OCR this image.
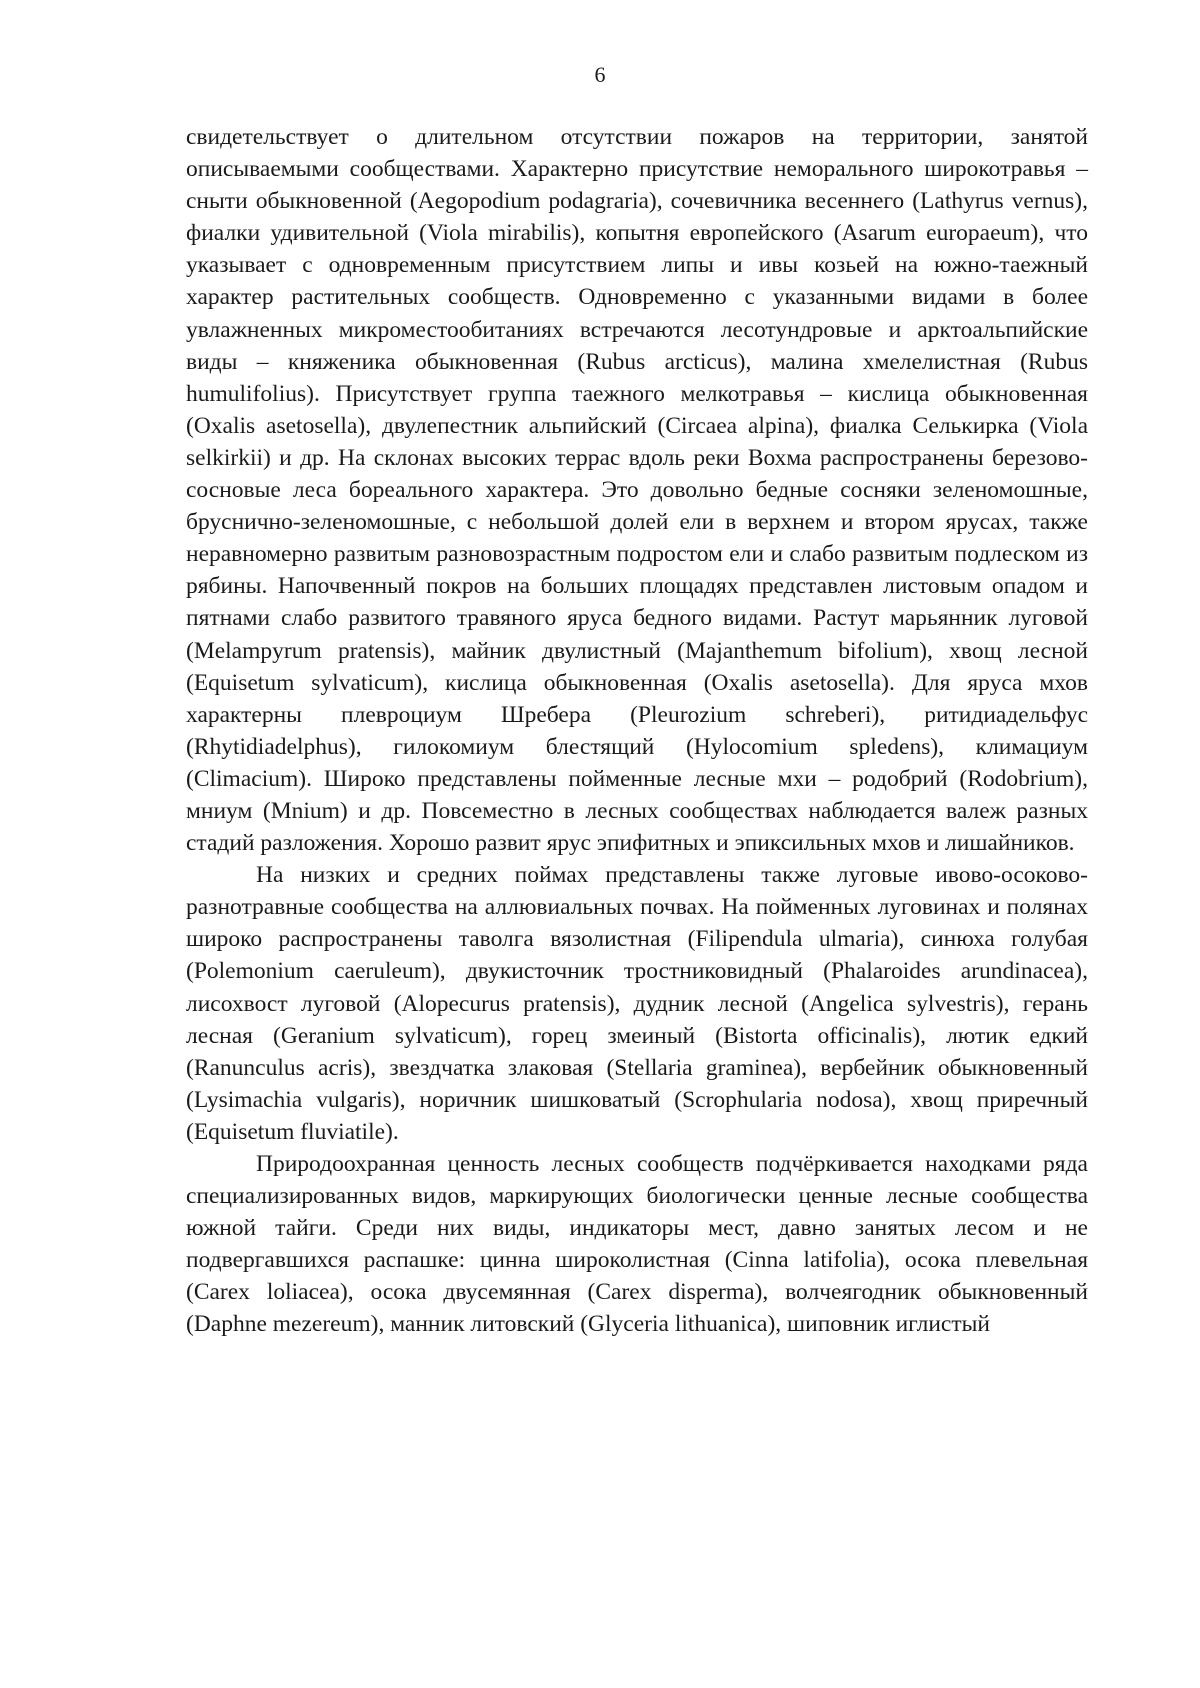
6

свидетельствует о длительном отсутствии пожаров на территории, занятой описываемыми сообществами. Характерно присутствие неморального широкотравья – сныти обыкновенной (Aegopodium podagraria), сочевичника весеннего (Lathyrus vernus), фиалки удивительной (Viola mirabilis), копытня европейского (Asarum europaeum), что указывает с одновременным присутствием липы и ивы козьей на южно-таежный характер растительных сообществ. Одновременно с указанными видами в более увлажненных микроместообитаниях встречаются лесотундровые и арктоальпийские виды – княженика обыкновенная (Rubus arcticus), малина хмелелистная (Rubus humulifolius). Присутствует группа таежного мелкотравья – кислица обыкновенная (Oxalis asetosella), двулепестник альпийский (Circaea alpina), фиалка Селькирка (Viola selkirkii) и др. На склонах высоких террас вдоль реки Вохма распространены березово-сосновые леса бореального характера. Это довольно бедные сосняки зеленомошные, бруснично-зеленомошные, с небольшой долей ели в верхнем и втором ярусах, также неравномерно развитым разновозрастным подростом ели и слабо развитым подлеском из рябины. Напочвенный покров на больших площадях представлен листовым опадом и пятнами слабо развитого травяного яруса бедного видами. Растут марьянник луговой (Melampyrum pratensis), майник двулистный (Majanthemum bifolium), хвощ лесной (Equisetum sylvaticum), кислица обыкновенная (Oxalis asetosella). Для яруса мхов характерны плевроциум Шребера (Pleurozium schreberi), ритидиадельфус (Rhytidiadelphus), гилокомиум блестящий (Hylocomium spledens), климациум (Climacium). Широко представлены пойменные лесные мхи – родобрий (Rodobrium), мниум (Mnium) и др. Повсеместно в лесных сообществах наблюдается валеж разных стадий разложения. Хорошо развит ярус эпифитных и эпиксильных мхов и лишайников.

На низких и средних поймах представлены также луговые ивово-осоково-разнотравные сообщества на аллювиальных почвах. На пойменных луговинах и полянах широко распространены таволга вязолистная (Filipendula ulmaria), синюха голубая (Polemonium caeruleum), двукисточник тростниковидный (Phalaroides arundinacea), лисохвост луговой (Alopecurus pratensis), дудник лесной (Angelica sylvestris), герань лесная (Geranium sylvaticum), горец змеиный (Bistorta officinalis), лютик едкий (Ranunculus acris), звездчатка злаковая (Stellaria graminea), вербейник обыкновенный (Lysimachia vulgaris), норичник шишковатый (Scrophularia nodosa), хвощ приречный (Equisetum fluviatile).

Природоохранная ценность лесных сообществ подчёркивается находками ряда специализированных видов, маркирующих биологически ценные лесные сообщества южной тайги. Среди них виды, индикаторы мест, давно занятых лесом и не подвергавшихся распашке: цинна широколистная (Cinna latifolia), осока плевельная (Carex loliacea), осока двусемянная (Carex disperma), волчеягодник обыкновенный (Daphne mezereum), манник литовский (Glyceria lithuanica), шиповник иглистый
